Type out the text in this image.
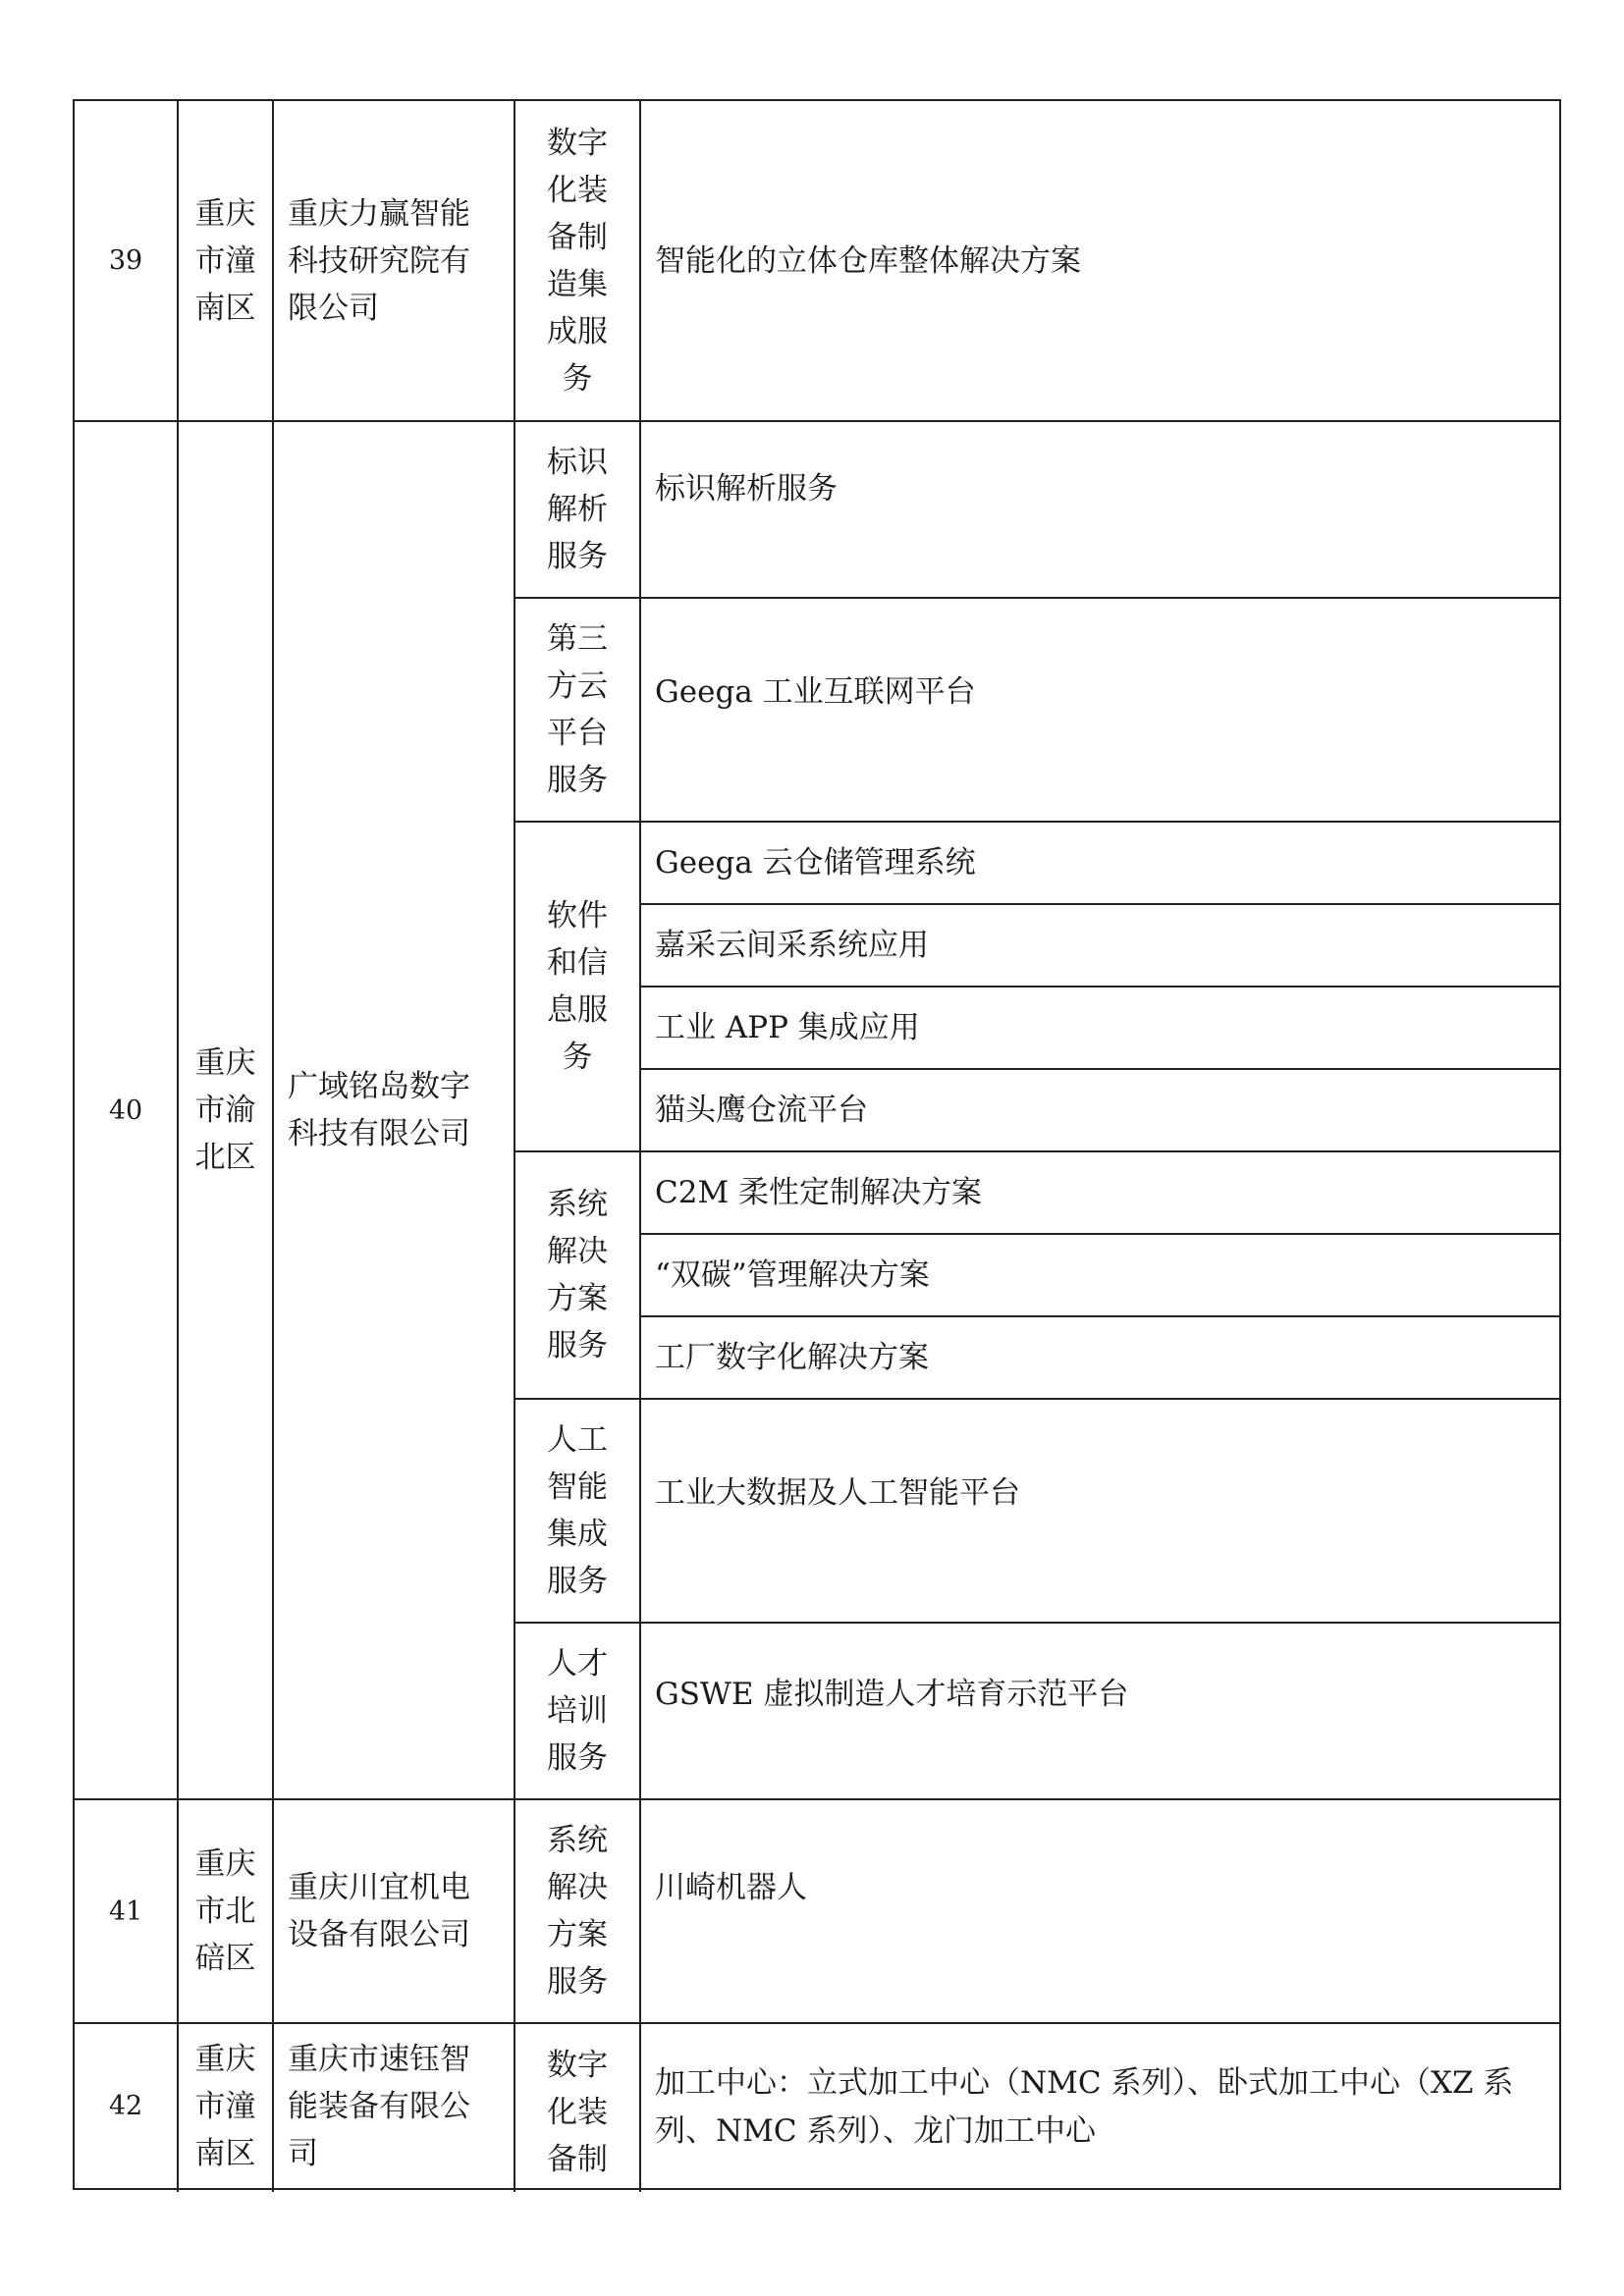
39
重庆市潼南区
重庆力赢智能科技研究院有限公司
数字化装备制造集成服务
智能化的立体仓库整体解决方案
40
重庆市渝北区
广域铭岛数字科技有限公司
标识解析服务
标识解析服务
第三方云平台服务
Geega 工业互联网平台
软件和信息服务
Geega 云仓储管理系统
嘉采云间采系统应用
工业 APP 集成应用
猫头鹰仓流平台
系统解决方案服务
C2M 柔性定制解决方案
“双碳”管理解决方案
工厂数字化解决方案
人工智能集成服务
工业大数据及人工智能平台
人才培训服务
GSWE 虚拟制造人才培育示范平台
41
重庆市北碚区
重庆川宜机电设备有限公司
系统解决方案服务
川崎机器人
42
重庆市潼南区
重庆市速钰智能装备有限公司
数字化装备制
加工中心：立式加工中心（NMC 系列）、卧式加工中心（XZ 系列、NMC 系列）、龙门加工中心
